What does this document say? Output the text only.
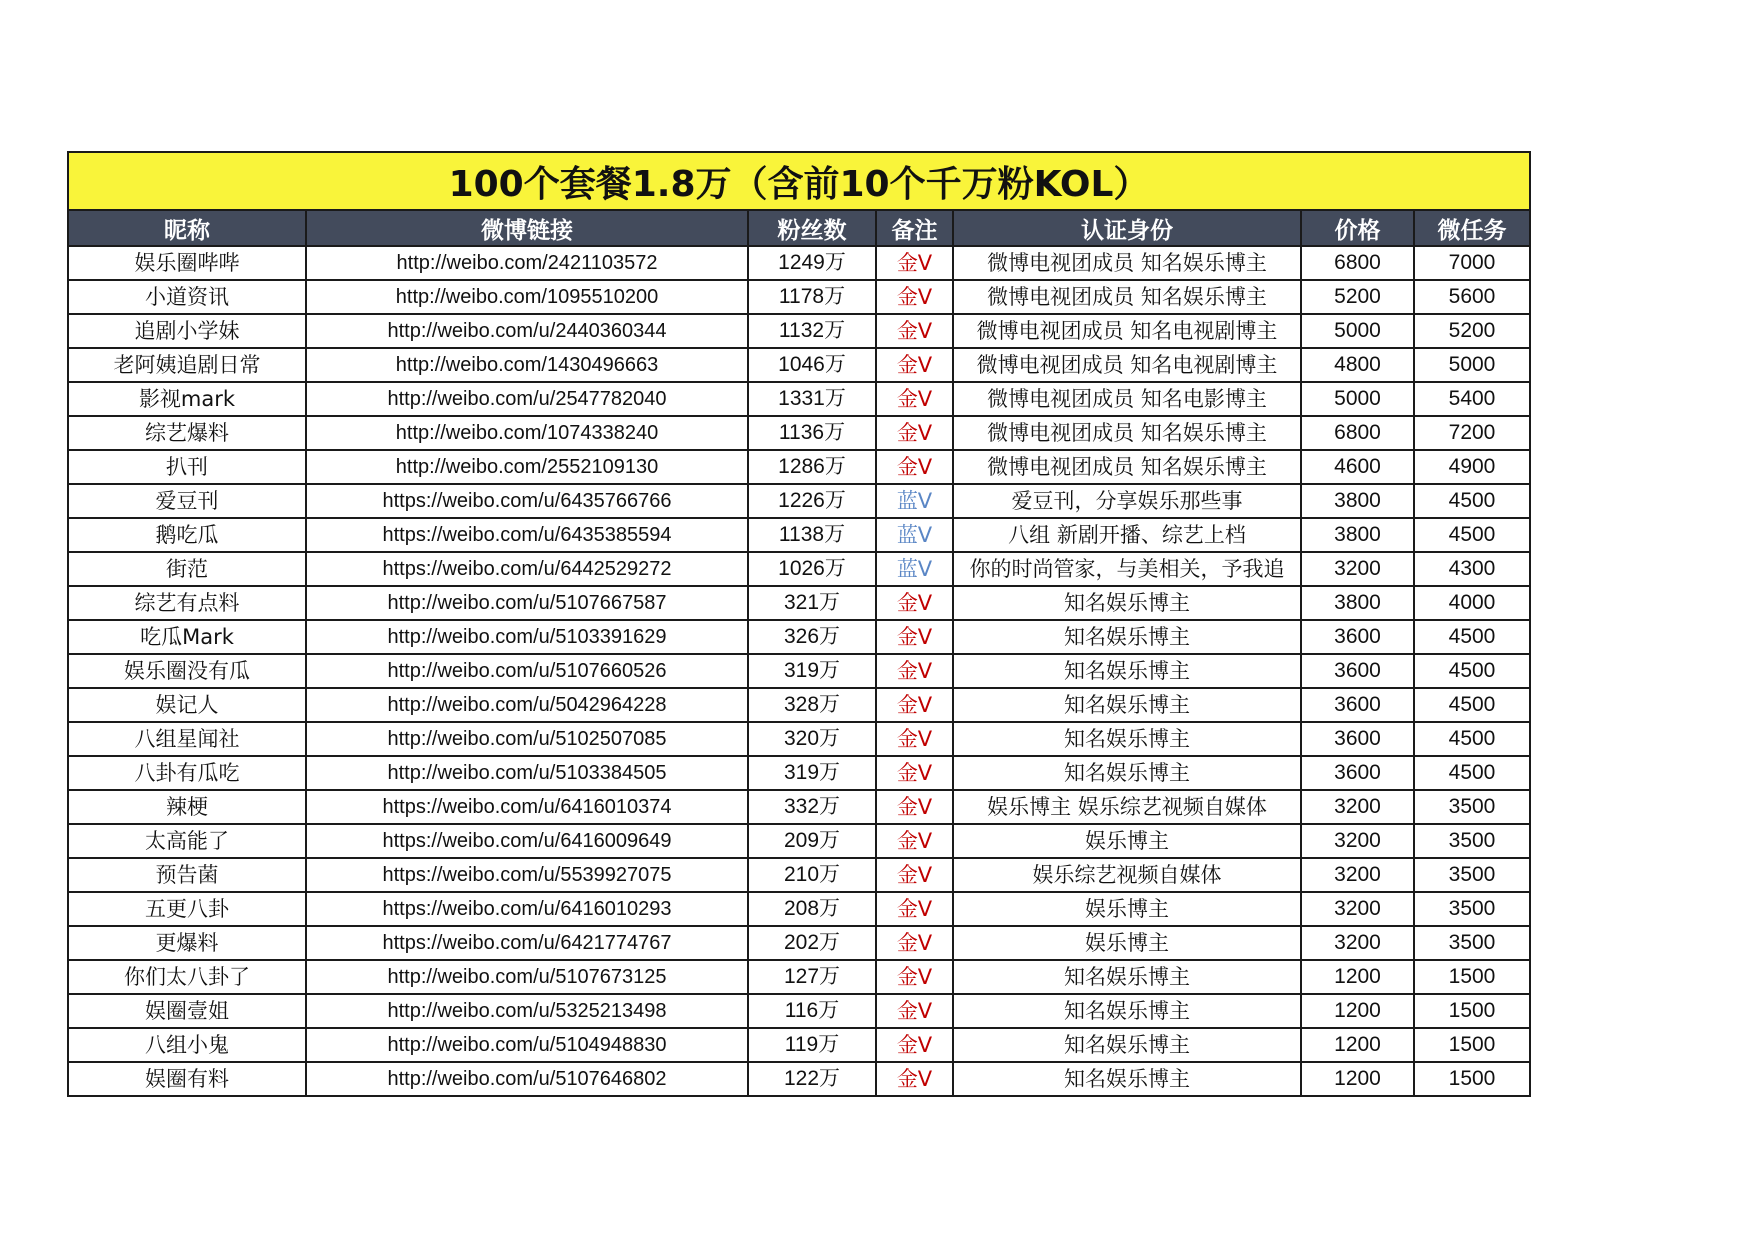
100个套餐1.8万（含前10个千万粉KOL）
昵称	微博链接	粉丝数	备注	认证身份	价格	微任务
娱乐圈哔哔	http://weibo.com/2421103572	1249万	金V	微博电视团成员 知名娱乐博主	6800	7000
小道资讯	http://weibo.com/1095510200	1178万	金V	微博电视团成员 知名娱乐博主	5200	5600
追剧小学妹	http://weibo.com/u/2440360344	1132万	金V	微博电视团成员 知名电视剧博主	5000	5200
老阿姨追剧日常	http://weibo.com/1430496663	1046万	金V	微博电视团成员 知名电视剧博主	4800	5000
影视mark	http://weibo.com/u/2547782040	1331万	金V	微博电视团成员 知名电影博主	5000	5400
综艺爆料	http://weibo.com/1074338240	1136万	金V	微博电视团成员 知名娱乐博主	6800	7200
扒刊	http://weibo.com/2552109130	1286万	金V	微博电视团成员 知名娱乐博主	4600	4900
爱豆刊	https://weibo.com/u/6435766766	1226万	蓝V	爱豆刊，分享娱乐那些事	3800	4500
鹅吃瓜	https://weibo.com/u/6435385594	1138万	蓝V	八组 新剧开播、综艺上档	3800	4500
街范	https://weibo.com/u/6442529272	1026万	蓝V	你的时尚管家，与美相关，予我追	3200	4300
综艺有点料	http://weibo.com/u/5107667587	321万	金V	知名娱乐博主	3800	4000
吃瓜Mark	http://weibo.com/u/5103391629	326万	金V	知名娱乐博主	3600	4500
娱乐圈没有瓜	http://weibo.com/u/5107660526	319万	金V	知名娱乐博主	3600	4500
娱记人	http://weibo.com/u/5042964228	328万	金V	知名娱乐博主	3600	4500
八组星闻社	http://weibo.com/u/5102507085	320万	金V	知名娱乐博主	3600	4500
八卦有瓜吃	http://weibo.com/u/5103384505	319万	金V	知名娱乐博主	3600	4500
辣梗	https://weibo.com/u/6416010374	332万	金V	娱乐博主 娱乐综艺视频自媒体	3200	3500
太高能了	https://weibo.com/u/6416009649	209万	金V	娱乐博主	3200	3500
预告菌	https://weibo.com/u/5539927075	210万	金V	娱乐综艺视频自媒体	3200	3500
五更八卦	https://weibo.com/u/6416010293	208万	金V	娱乐博主	3200	3500
更爆料	https://weibo.com/u/6421774767	202万	金V	娱乐博主	3200	3500
你们太八卦了	http://weibo.com/u/5107673125	127万	金V	知名娱乐博主	1200	1500
娱圈壹姐	http://weibo.com/u/5325213498	116万	金V	知名娱乐博主	1200	1500
八组小鬼	http://weibo.com/u/5104948830	119万	金V	知名娱乐博主	1200	1500
娱圈有料	http://weibo.com/u/5107646802	122万	金V	知名娱乐博主	1200	1500
